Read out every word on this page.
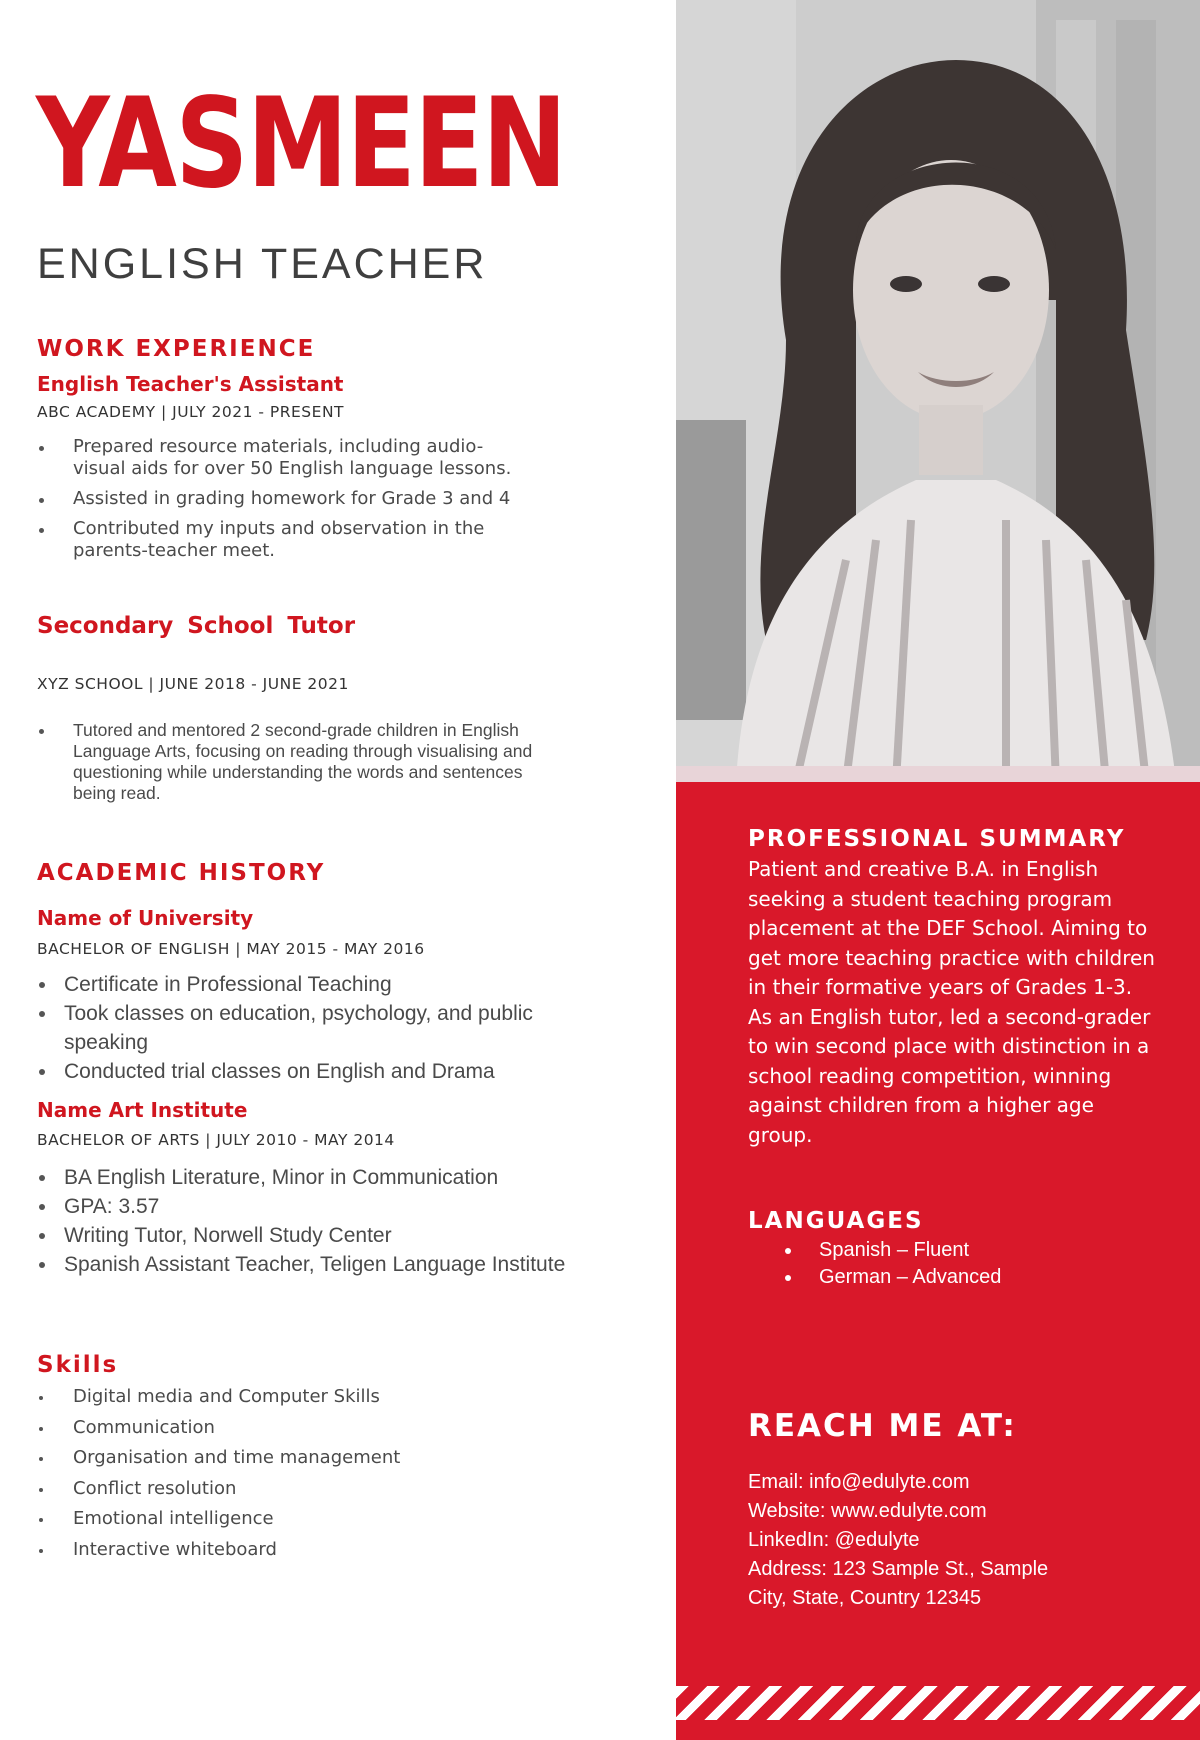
YASMEEN
ENGLISH TEACHER
WORK EXPERIENCE
English Teacher's Assistant

ABC ACADEMY | JULY 2021 - PRESENT

Prepared resource materials, including audio-visual aids for over 50 English language lessons.
Assisted in grading homework for Grade 3 and 4
Contributed my inputs and observation in the parents-teacher meet.
Secondary School Tutor

XYZ SCHOOL | JUNE 2018 - JUNE 2021

Tutored and mentored 2 second-grade children in English Language Arts, focusing on reading through visualising and questioning while understanding the words and sentences being read.
ACADEMIC HISTORY
Name of University

BACHELOR OF ENGLISH | MAY 2015 - MAY 2016

Certificate in Professional Teaching
Took classes on education, psychology, and public speaking
Conducted trial classes on English and Drama
Name Art Institute

BACHELOR OF ARTS | JULY 2010 - MAY 2014

BA English Literature, Minor in Communication
GPA: 3.57
Writing Tutor, Norwell Study Center
Spanish Assistant Teacher, Teligen Language Institute
Skills
Digital media and Computer Skills
Communication
Organisation and time management
Conflict resolution
Emotional intelligence
Interactive whiteboard
PROFESSIONAL SUMMARY

Patient and creative B.A. in English seeking a student teaching program placement at the DEF School. Aiming to get more teaching practice with children in their formative years of Grades 1-3. As an English tutor, led a second-grader to win second place with distinction in a school reading competition, winning against children from a higher age group.

LANGUAGES
Spanish – Fluent
German – Advanced
REACH ME AT:
Email: info@edulyte.com
Website: www.edulyte.com
LinkedIn: @edulyte
Address: 123 Sample St., Sample
City, State, Country 12345
